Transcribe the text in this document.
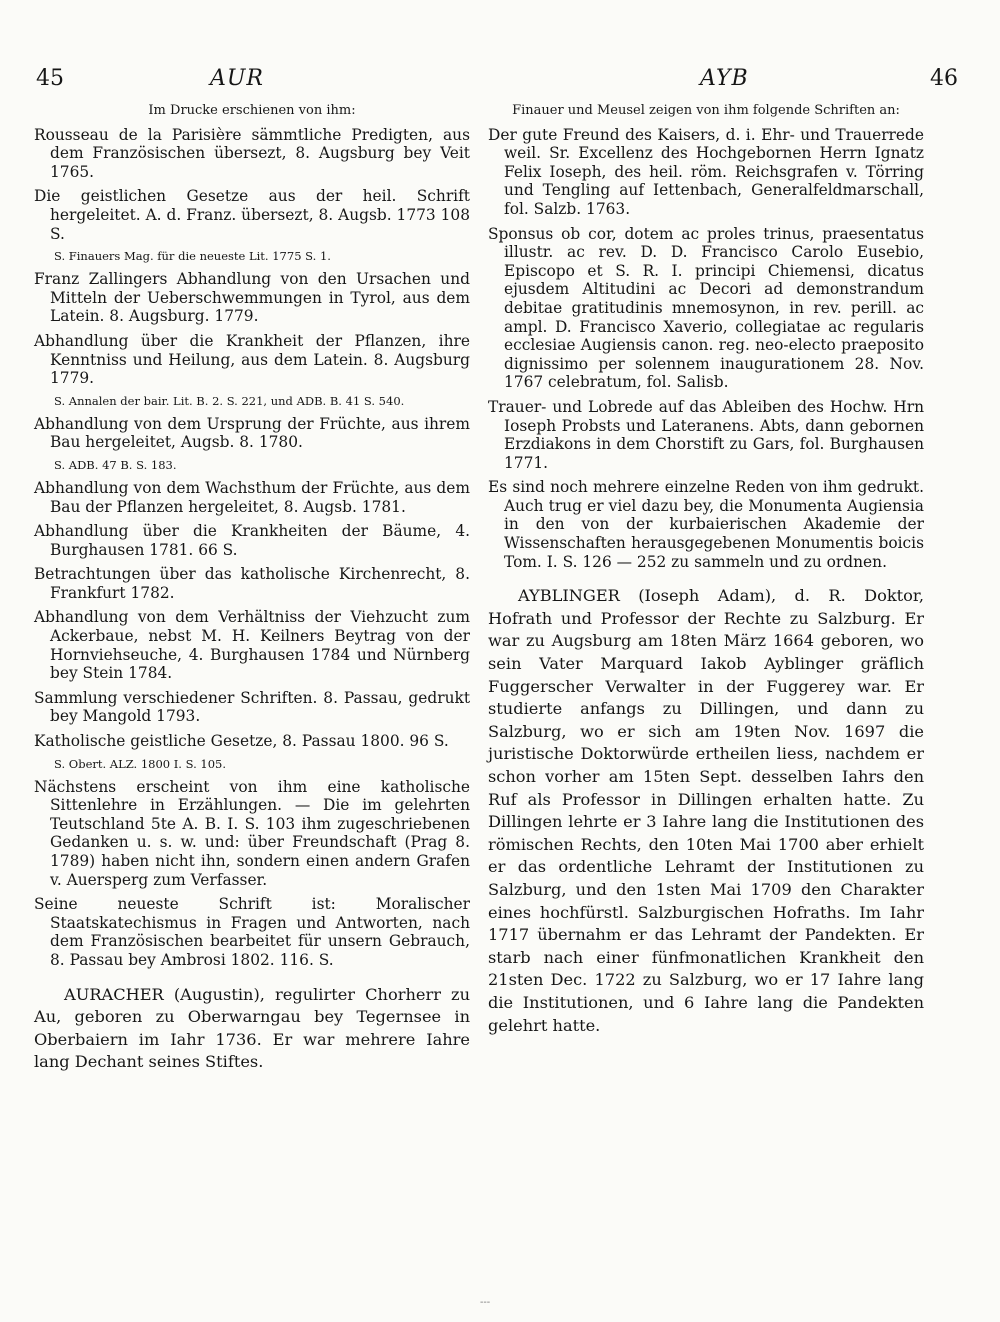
45	AUR	AYB	46

Im Drucke erschienen von ihm:

Rousseau de la Parisière sämmtliche Predigten, aus dem Französischen übersezt, 8. Augsburg bey Veit 1765.

Die geistlichen Gesetze aus der heil. Schrift hergeleitet. A. d. Franz. übersezt, 8. Augsb. 1773 108 S.

S. Finauers Mag. für die neueste Lit. 1775 S. 1.

Franz Zallingers Abhandlung von den Ursachen und Mitteln der Ueberschwemmungen in Tyrol, aus dem Latein. 8. Augsburg. 1779.

Abhandlung über die Krankheit der Pflanzen, ihre Kenntniss und Heilung, aus dem Latein. 8. Augsburg 1779.

S. Annalen der bair. Lit. B. 2. S. 221, und ADB. B. 41 S. 540.

Abhandlung von dem Ursprung der Früchte, aus ihrem Bau hergeleitet, Augsb. 8. 1780.

S. ADB. 47 B. S. 183.

Abhandlung von dem Wachsthum der Früchte, aus dem Bau der Pflanzen hergeleitet, 8. Augsb. 1781.

Abhandlung über die Krankheiten der Bäume, 4. Burghausen 1781. 66 S.

Betrachtungen über das katholische Kirchenrecht, 8. Frankfurt 1782.

Abhandlung von dem Verhältniss der Viehzucht zum Ackerbaue, nebst M. H. Keilners Beytrag von der Hornviehseuche, 4. Burghausen 1784 und Nürnberg bey Stein 1784.

Sammlung verschiedener Schriften. 8. Passau, gedrukt bey Mangold 1793.

Katholische geistliche Gesetze, 8. Passau 1800. 96 S.

S. Obert. ALZ. 1800 I. S. 105.

Nächstens erscheint von ihm eine katholische Sittenlehre in Erzählungen. — Die im gelehrten Teutschland 5te A. B. I. S. 103 ihm zugeschriebenen Gedanken u. s. w. und: über Freundschaft (Prag 8. 1789) haben nicht ihn, sondern einen andern Grafen v. Auersperg zum Verfasser.

Seine neueste Schrift ist: Moralischer Staatskatechismus in Fragen und Antworten, nach dem Französischen bearbeitet für unsern Gebrauch, 8. Passau bey Ambrosi 1802. 116. S.

AURACHER (Augustin), regulirter Chorherr zu Au, geboren zu Oberwarngau bey Tegernsee in Oberbaiern im Iahr 1736. Er war mehrere Iahre lang Dechant seines Stiftes.

Finauer und Meusel zeigen von ihm folgende Schriften an:

Der gute Freund des Kaisers, d. i. Ehr- und Trauerrede weil. Sr. Excellenz des Hochgebornen Herrn Ignatz Felix Ioseph, des heil. röm. Reichsgrafen v. Törring und Tengling auf Iettenbach, Generalfeldmarschall, fol. Salzb. 1763.

Sponsus ob cor, dotem ac proles trinus, praesentatus illustr. ac rev. D. D. Francisco Carolo Eusebio, Episcopo et S. R. I. principi Chiemensi, dicatus ejusdem Altitudini ac Decori ad demonstrandum debitae gratitudinis mnemosynon, in rev. perill. ac ampl. D. Francisco Xaverio, collegiatae ac regularis ecclesiae Augiensis canon. reg. neo-electo praeposito dignissimo per solennem inaugurationem 28. Nov. 1767 celebratum, fol. Salisb.

Trauer- und Lobrede auf das Ableiben des Hochw. Hrn Ioseph Probsts und Lateranens. Abts, dann gebornen Erzdiakons in dem Chorstift zu Gars, fol. Burghausen 1771.

Es sind noch mehrere einzelne Reden von ihm gedrukt. Auch trug er viel dazu bey, die Monumenta Augiensia in den von der kurbaierischen Akademie der Wissenschaften herausgegebenen Monumentis boicis Tom. I. S. 126 — 252 zu sammeln und zu ordnen.

AYBLINGER (Ioseph Adam), d. R. Doktor, Hofrath und Professor der Rechte zu Salzburg. Er war zu Augsburg am 18ten März 1664 geboren, wo sein Vater Marquard Iakob Ayblinger gräflich Fuggerscher Verwalter in der Fuggerey war. Er studierte anfangs zu Dillingen, und dann zu Salzburg, wo er sich am 19ten Nov. 1697 die juristische Doktorwürde ertheilen liess, nachdem er schon vorher am 15ten Sept. desselben Iahrs den Ruf als Professor in Dillingen erhalten hatte. Zu Dillingen lehrte er 3 Iahre lang die Institutionen des römischen Rechts, den 10ten Mai 1700 aber erhielt er das ordentliche Lehramt der Institutionen zu Salzburg, und den 1sten Mai 1709 den Charakter eines hochfürstl. Salzburgischen Hofraths. Im Iahr 1717 übernahm er das Lehramt der Pandekten. Er starb nach einer fünfmonatlichen Krankheit den 21sten Dec. 1722 zu Salzburg, wo er 17 Iahre lang die Institutionen, und 6 Iahre lang die Pandekten gelehrt hatte.

---
